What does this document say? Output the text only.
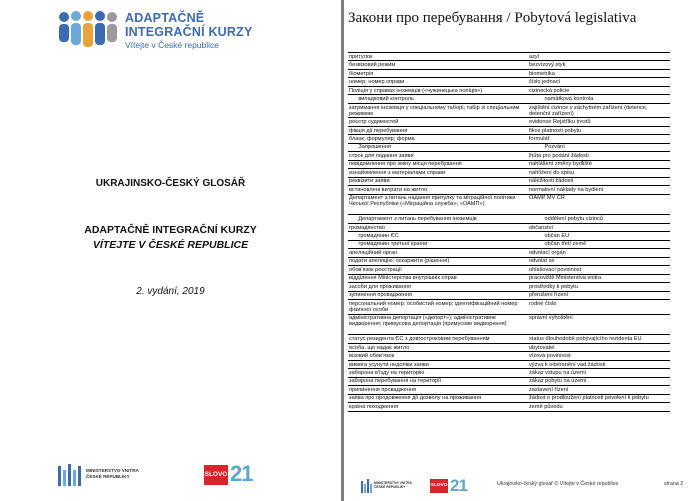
ADAPTAČNĚ
INTEGRAČNÍ KURZY
Vítejte v České republice
UKRAJINSKO-ČESKÝ GLOSÁŘ
ADAPTAČNĚ INTEGRAČNÍ KURZY
VÍTEJTE V ČESKÉ REPUBLICE
2. vydání, 2019
MINISTERSTVO VNITRA
ČESKÉ REPUBLIKY	SLOVO 21
Закони про перебування / Pobytová legislativa
притулок	azyl
безвізовий режим	bezvízový styk
біометрія	biometrika
номер; номер справи	číslo jednací
Поліція у справах іноземців («чужинецька поліція»)	cizinecká policie
випадковий контроль	namátková kontrola
затримання іноземця у спеціальному таборі; табір зі спеціальним режимом	zajištění cizince v záchytném zařízení (detence, detenční zařízení)
реєстр судимостей	evidence Rejstříku trestů
фікція дії перебування	fikce platnosti pobytu
бланк; формуляр; форма	formulář
Запрошення	Pozvání
строк для подання заяви	lhůta pro podání žádosti
повідомлення про зміну місця перебування	nahlášení změny bydliště
ознайомлення з матеріалами справи	nahlížení do spisu
реквізити заяви	náležitosti žádosti
встановлені витрати на житло	normativní náklady na bydlení
Департамент з питань надання притулку та міграційної політики Чеської Республіки («Міграційна служба»; «ОАМП»)	OAMP MV ČR
Департамент з питань перебування іноземців	oddělení pobytu cizinců
громадянство	občanství
громадянин ЄС	občan EU
громадянин третьої країни	občan třetí země
апеляційний орган	odvolací orgán
подати апеляцію; оскаржити (рішення)	odvolat se
обов'язок реєстрації	ohlašovací povinnost
відділення Міністерства внутрішніх справ	pracoviště Ministerstva vnitra
засоби для проживання	prostředky k pobytu
зупинення провадження	přerušení řízení
персональний номер; особистий номер; ідентифікаційний номер фізичної особи	rodné číslo
адміністративна депортація («депорт»); адміністративне видворення; примусова депортація (примусове видворення)	správní vyhoštění
статус резидента ЄС з довгостроковим перебуванням	status dlouhodobě pobývajícího rezidenta EU
особа, що надає житло	ubytovatel
візовий обов'язок	vízová povinnost
вимога усунути недоліки заяви	výzva k odstranění vad žádosti
заборона в'їзду на територію	zákaz vstupu na území
заборона перебування на території	zákaz pobytu na území
припинення провадження	zastavení řízení
заява про продовження дії дозволу на проживання	žádost o prodloužení platnosti povolení k pobytu
країна походження	země původu
MINISTERSTVO VNITRA
ČESKÉ REPUBLIKY	SLOVO 21	Ukrajinsko-český glosář © Vítejte v České republice	strana 2
